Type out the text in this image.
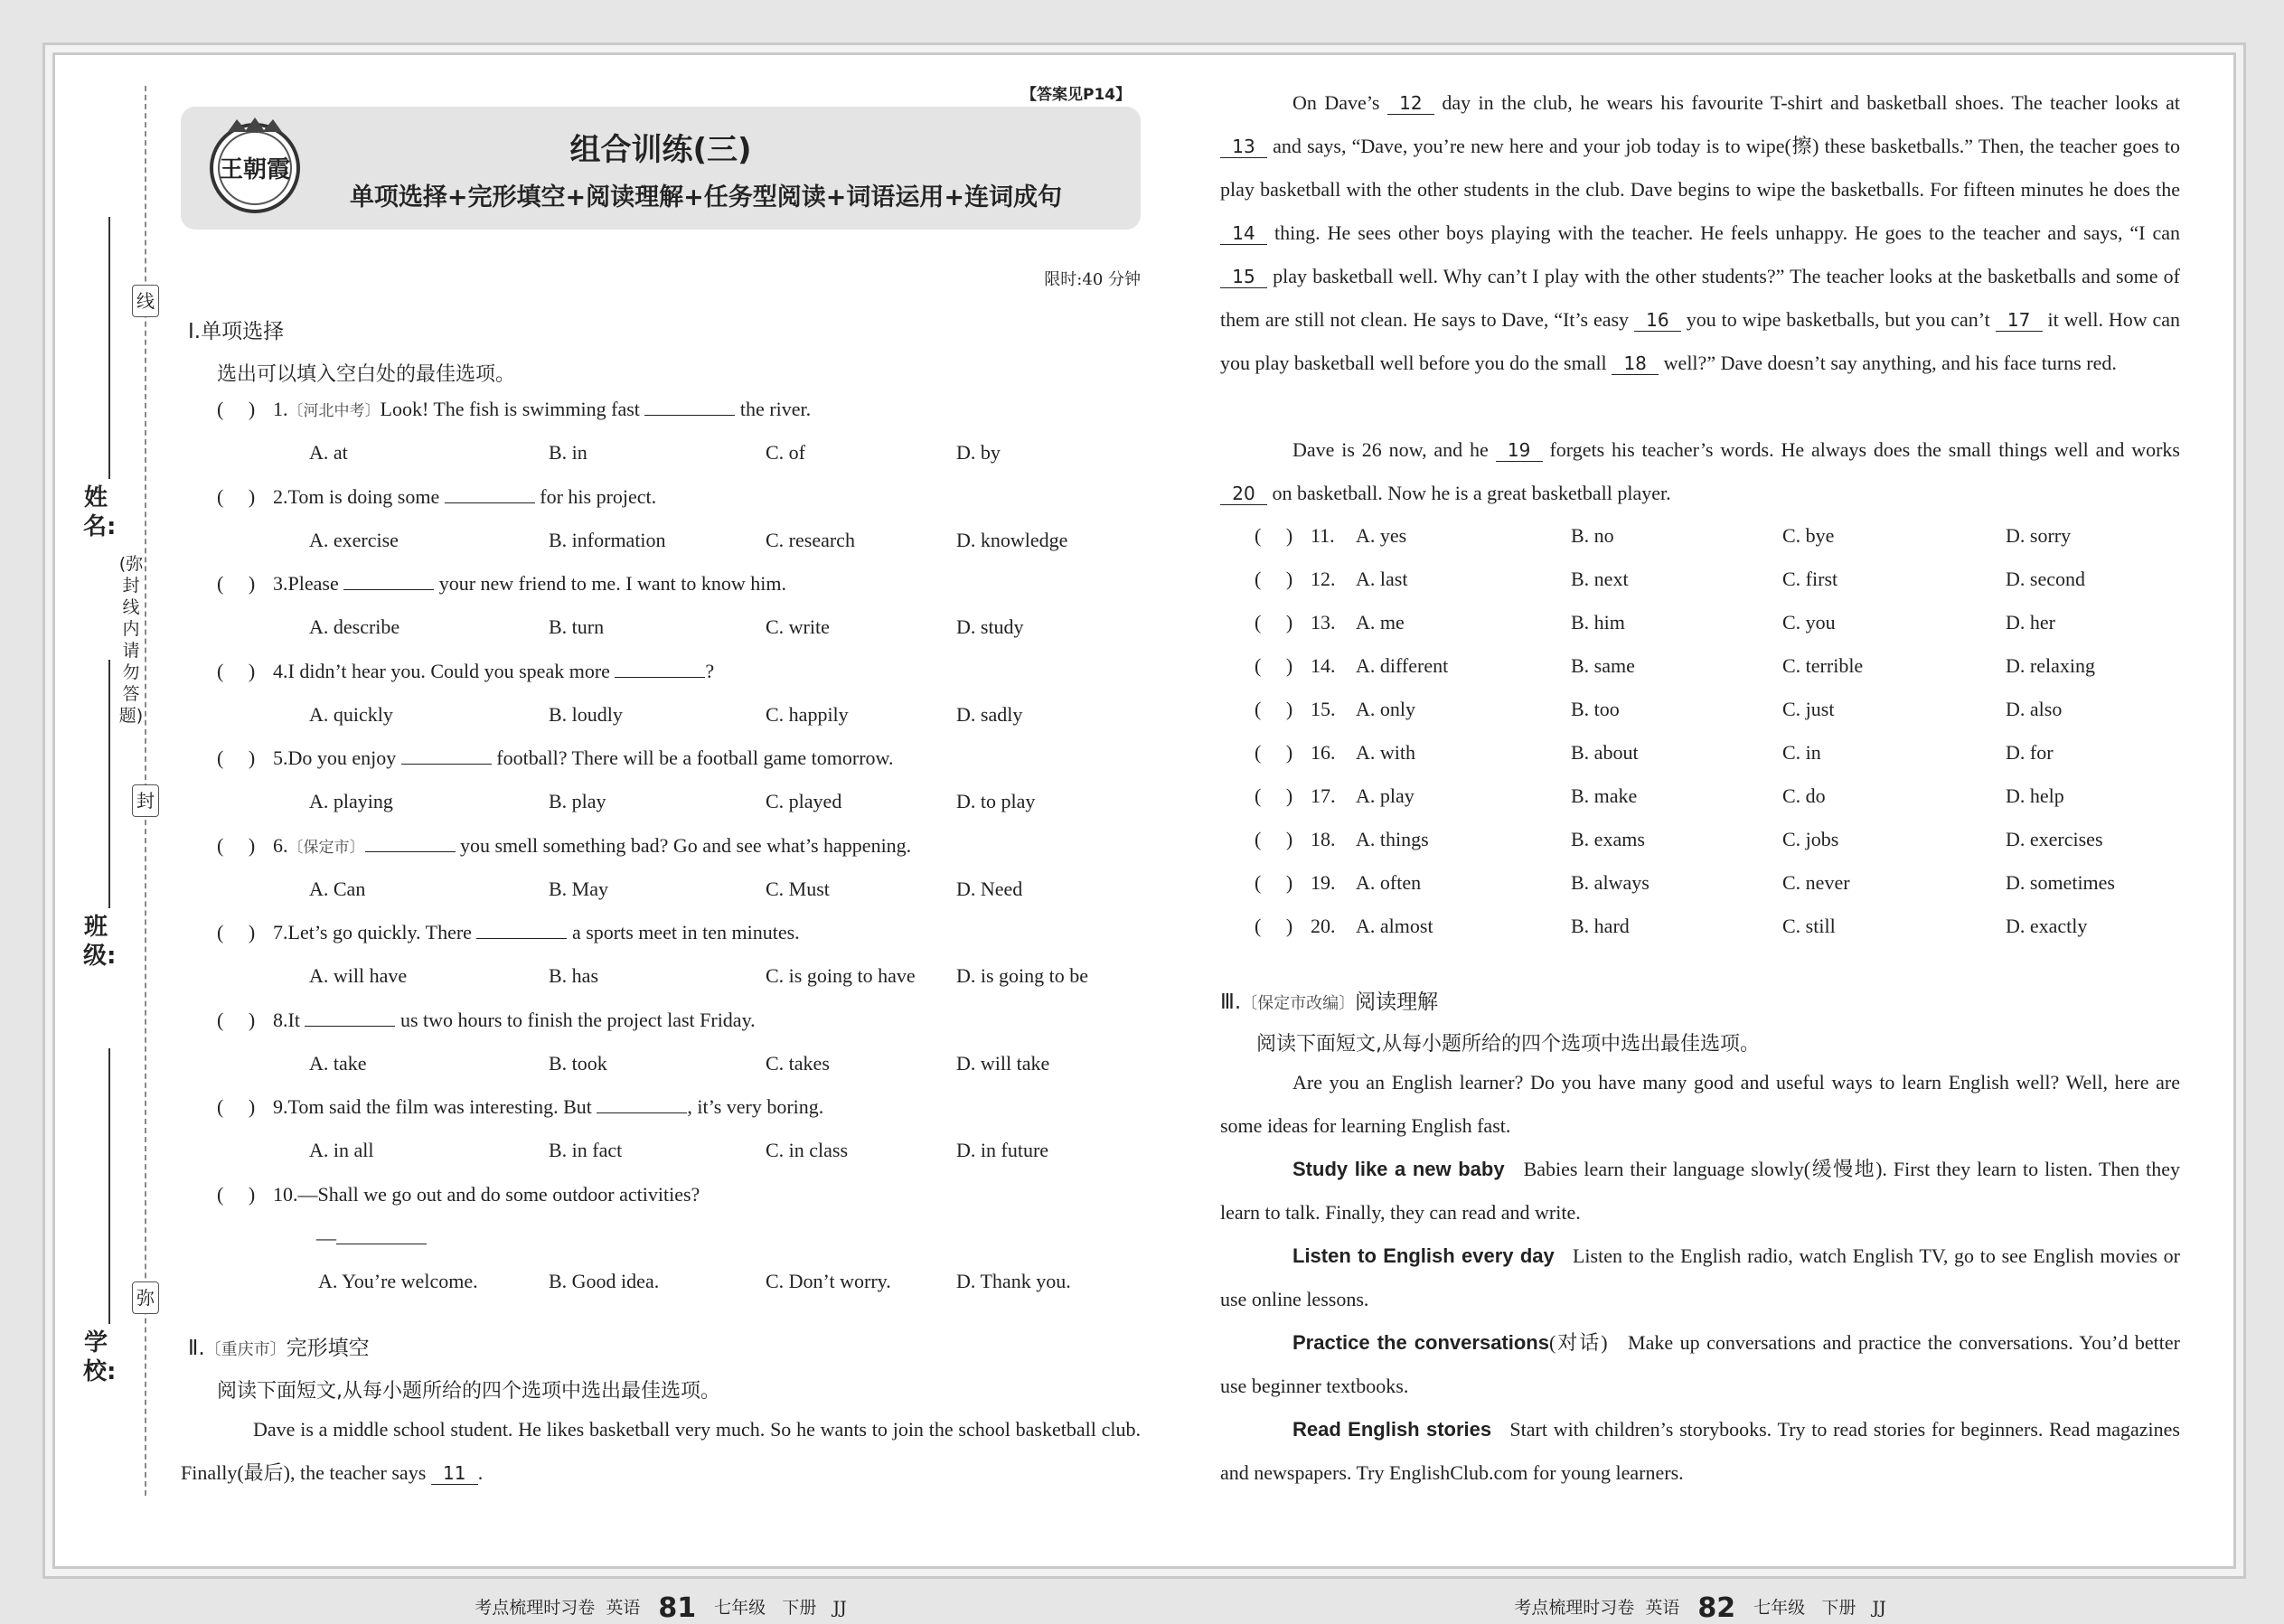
线
封
弥
(弥封线内请勿答题)
姓名:
班级:
学校:
【答案见P14】
王朝霞
组合训练(三)
单项选择+完形填空+阅读理解+任务型阅读+词语运用+连词成句
限时:40 分钟
Ⅰ.单项选择
选出可以填入空白处的最佳选项。
(     ) 1.〔河北中考〕Look! The fish is swimming fast	the river.
A. at	B. in	C. of	D. by
(     ) 2.Tom is doing some	for his project.
A. exercise	B. information	C. research	D. knowledge
(     ) 3.Please	your new friend to me. I want to know him.
A. describe	B. turn	C. write	D. study
(     ) 4.I didn’t hear you. Could you speak more	?
A. quickly	B. loudly	C. happily	D. sadly
(     ) 5.Do you enjoy	football? There will be a football game tomorrow.
A. playing	B. play	C. played	D. to play
(     ) 6.〔保定市〕	you smell something bad? Go and see what’s happening.
A. Can	B. May	C. Must	D. Need
(     ) 7.Let’s go quickly. There	a sports meet in ten minutes.
A. will have	B. has	C. is going to have D. is going to be
(     ) 8.It	us two hours to finish the project last Friday.
A. take	B. took	C. takes	D. will take
(     ) 9.Tom said the film was interesting. But	, it’s very boring.
A. in all	B. in fact	C. in class	D. in future
(     ) 10.—Shall we go out and do some outdoor activities?
—
A. You’re welcome.	B. Good idea.	C. Don’t worry.	D. Thank you.
Ⅱ.〔重庆市〕完形填空
阅读下面短文,从每小题所给的四个选项中选出最佳选项。
Dave is a middle school student. He likes basketball very much. So he wants to join the school basketball club. Finally(最后), the teacher says 11 .
考点梳理时习卷 英语 81 七年级 下册 JJ
On Dave’s 12 day in the club, he wears his favourite T-shirt and basketball shoes. The teacher looks at 13 and says, “Dave, you’re new here and your job today is to wipe(擦) these basketballs.” Then, the teacher goes to play basketball with the other students in the club. Dave begins to wipe the basketballs. For fifteen minutes he does the 14 thing. He sees other boys playing with the teacher. He feels unhappy. He goes to the teacher and says, “I can 15 play basketball well. Why can’t I play with the other students?” The teacher looks at the basketballs and some of them are still not clean. He says to Dave, “It’s easy 16 you to wipe basketballs, but you can’t 17 it well. How can you play basketball well before you do the small 18 well?” Dave doesn’t say anything, and his face turns red.
Dave is 26 now, and he 19 forgets his teacher’s words. He always does the small things well and works 20 on basketball. Now he is a great basketball player.
(     ) 11. A. yes	B. no	C. bye	D. sorry
(     ) 12. A. last	B. next	C. first	D. second
(     ) 13. A. me	B. him	C. you	D. her
(     ) 14. A. different	B. same	C. terrible	D. relaxing
(     ) 15. A. only	B. too	C. just	D. also
(     ) 16. A. with	B. about	C. in	D. for
(     ) 17. A. play	B. make	C. do	D. help
(     ) 18. A. things	B. exams	C. jobs	D. exercises
(     ) 19. A. often	B. always	C. never	D. sometimes
(     ) 20. A. almost	B. hard	C. still	D. exactly
Ⅲ.〔保定市改编〕阅读理解
阅读下面短文,从每小题所给的四个选项中选出最佳选项。
Are you an English learner? Do you have many good and useful ways to learn English well? Well, here are some ideas for learning English fast.
Study like a new baby   Babies learn their language slowly(缓慢地). First they learn to listen. Then they learn to talk. Finally, they can read and write.
Listen to English every day   Listen to the English radio, watch English TV, go to see English movies or use online lessons.
Practice the conversations(对话)   Make up conversations and practice the conversations. You’d better use beginner textbooks.
Read English stories   Start with children’s storybooks. Try to read stories for beginners. Read magazines and newspapers. Try EnglishClub.com for young learners.
考点梳理时习卷 英语 82 七年级 下册 JJ
